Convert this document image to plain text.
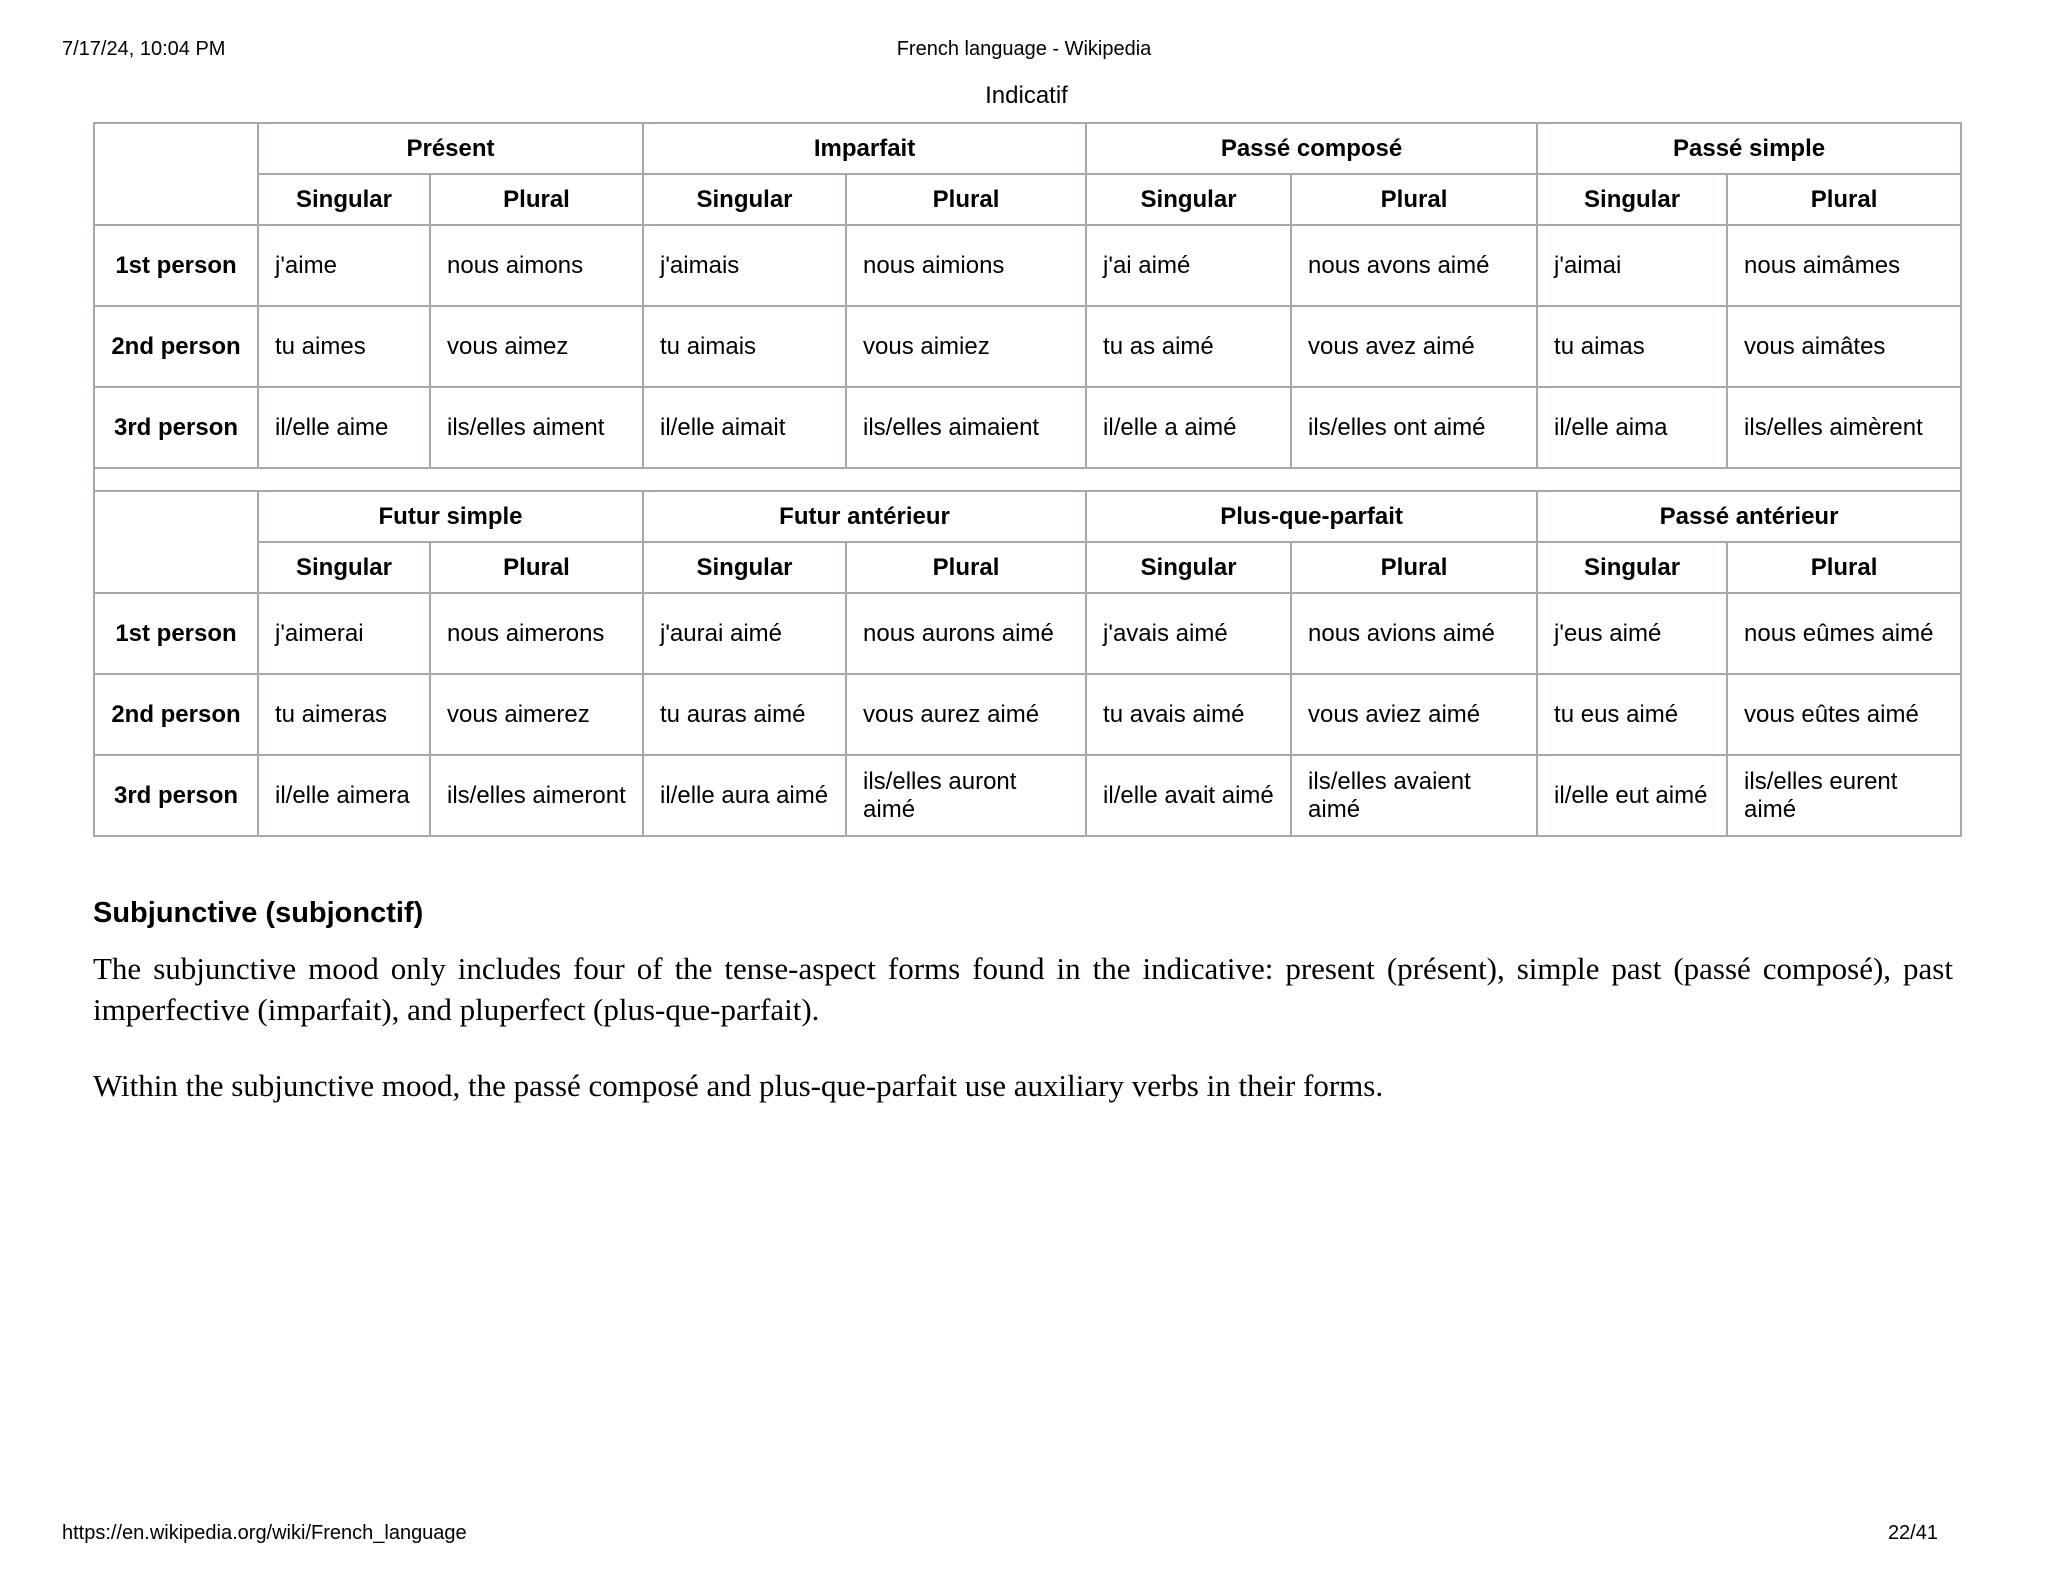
7/17/24, 10:04 PM	French language - Wikipedia
Indicatif
	Présent		Imparfait		Passé composé		Passé simple	
	Singular	Plural	Singular	Plural	Singular	Plural	Singular	Plural
1st person	j'aime	nous aimons	j'aimais	nous aimions	j'ai aimé	nous avons aimé	j'aimai	nous aimâmes
2nd person	tu aimes	vous aimez	tu aimais	vous aimiez	tu as aimé	vous avez aimé	tu aimas	vous aimâtes
3rd person	il/elle aime	ils/elles aiment	il/elle aimait	ils/elles aimaient	il/elle a aimé	ils/elles ont aimé	il/elle aima	ils/elles aimèrent

	Futur simple		Futur antérieur		Plus-que-parfait		Passé antérieur	
	Singular	Plural	Singular	Plural	Singular	Plural	Singular	Plural
1st person	j'aimerai	nous aimerons	j'aurai aimé	nous aurons aimé	j'avais aimé	nous avions aimé	j'eus aimé	nous eûmes aimé
2nd person	tu aimeras	vous aimerez	tu auras aimé	vous aurez aimé	tu avais aimé	vous aviez aimé	tu eus aimé	vous eûtes aimé
3rd person	il/elle aimera	ils/elles aimeront	il/elle aura aimé	ils/elles auront aimé	il/elle avait aimé	ils/elles avaient aimé	il/elle eut aimé	ils/elles eurent aimé
Subjunctive (subjonctif)

The subjunctive mood only includes four of the tense-aspect forms found in the indicative: present (présent), simple past (passé composé), past imperfective (imparfait), and pluperfect (plus-que-parfait).

Within the subjunctive mood, the passé composé and plus-que-parfait use auxiliary verbs in their forms.

https://en.wikipedia.org/wiki/French_language	22/41
